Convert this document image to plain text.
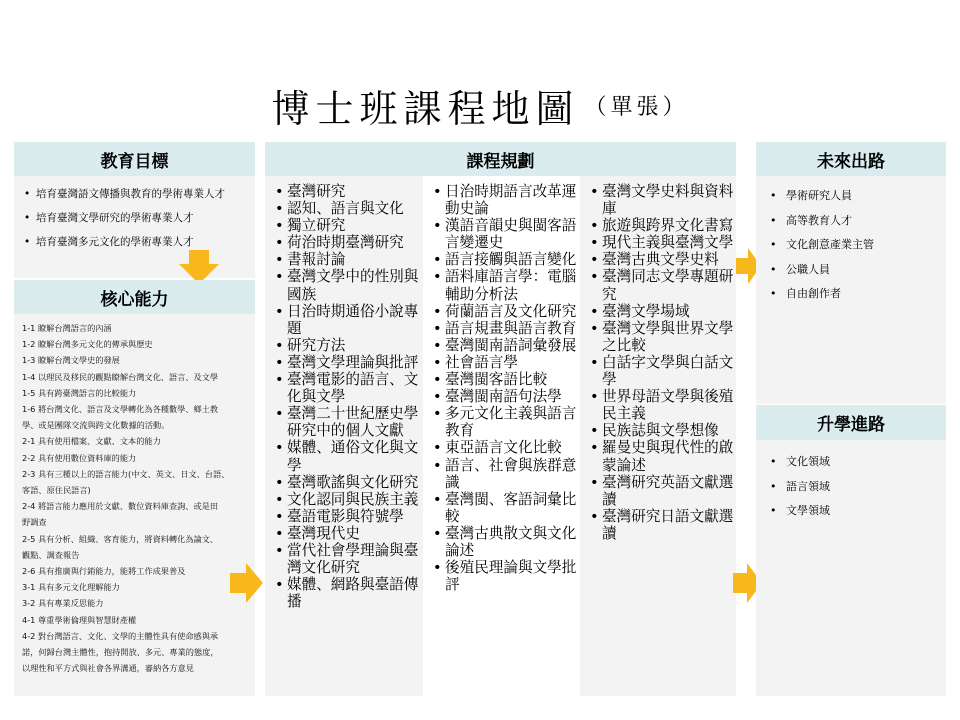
博士班課程地圖 （單張）
教育目標
• 培育臺灣語文傳播與教育的學術專業人才
• 培育臺灣文學研究的學術專業人才
• 培育臺灣多元文化的學術專業人才
核心能力
1-1 瞭解台灣語言的內涵
1-2 瞭解台灣多元文化的傳承與歷史
1-3 瞭解台灣文學史的發展
1-4 以理民及移民的觀點瞭解台灣文化、語言、及文學
1-5 具有跨臺灣語言的比較能力
1-6 將台灣文化、語言及文學轉化為各種數學、鄉土教
學、或是團隊交流與跨文化數據的活動。
2-1 具有使用檔案、文獻、文本的能力
2-2 具有使用數位資料庫的能力
2-3 具有三種以上的語言能力(中文、英文、日文、台語、
客語、原住民語言)
2-4 將語言能力應用於文獻、數位資料庫查詢、或是田
野調查
2-5 具有分析、組織、客育能力，將資料轉化為論文、
觀點、調查報告
2-6 具有推廣與行銷能力，能將工作成果普及
3-1 具有多元文化理解能力
3-2 具有專業反思能力
4-1 尊重學術倫理與智慧財產權
4-2 對台灣語言、文化、文學的主體性具有使命感與承
諾，何歸台灣主體性，抱持開放、多元、專業的態度，
以理性和平方式與社會各界溝通，審納各方意見
課程規劃
• 臺灣研究
• 認知、語言與文化
• 獨立研究
• 荷治時期臺灣研究
• 書報討論
• 臺灣文學中的性別與國族
• 日治時期通俗小說專題
• 研究方法
• 臺灣文學理論與批評
• 臺灣電影的語言、文化與文學
• 臺灣二十世紀歷史學研究中的個人文獻
• 媒體、通俗文化與文學
• 臺灣歌謠與文化研究
• 文化認同與民族主義
• 臺語電影與符號學
• 臺灣現代史
• 當代社會學理論與臺灣文化研究
• 媒體、網路與臺語傳播
• 日治時期語言改革運動史論
• 漢語音韻史與閩客語言變遷史
• 語言接觸與語言變化
• 語料庫語言學：電腦輔助分析法
• 荷蘭語言及文化研究
• 語言規畫與語言教育
• 臺灣閩南語詞彙發展
• 社會語言學
• 臺灣閩客語比較
• 臺灣閩南語句法學
• 多元文化主義與語言教育
• 東亞語言文化比較
• 語言、社會與族群意識
• 臺灣閩、客語詞彙比較
• 臺灣古典散文與文化論述
• 後殖民理論與文學批評
• 臺灣文學史料與資料庫
• 旅遊與跨界文化書寫
• 現代主義與臺灣文學
• 臺灣古典文學史料
• 臺灣同志文學專題研究
• 臺灣文學場域
• 臺灣文學與世界文學之比較
• 白話字文學與白話文學
• 世界母語文學與後殖民主義
• 民族誌與文學想像
• 羅曼史與現代性的啟蒙論述
• 臺灣研究英語文獻選讀
• 臺灣研究日語文獻選讀
未來出路
• 學術研究人員
• 高等教育人才
• 文化創意產業主管
• 公職人員
• 自由創作者
升學進路
• 文化領域
• 語言領域
• 文學領域
